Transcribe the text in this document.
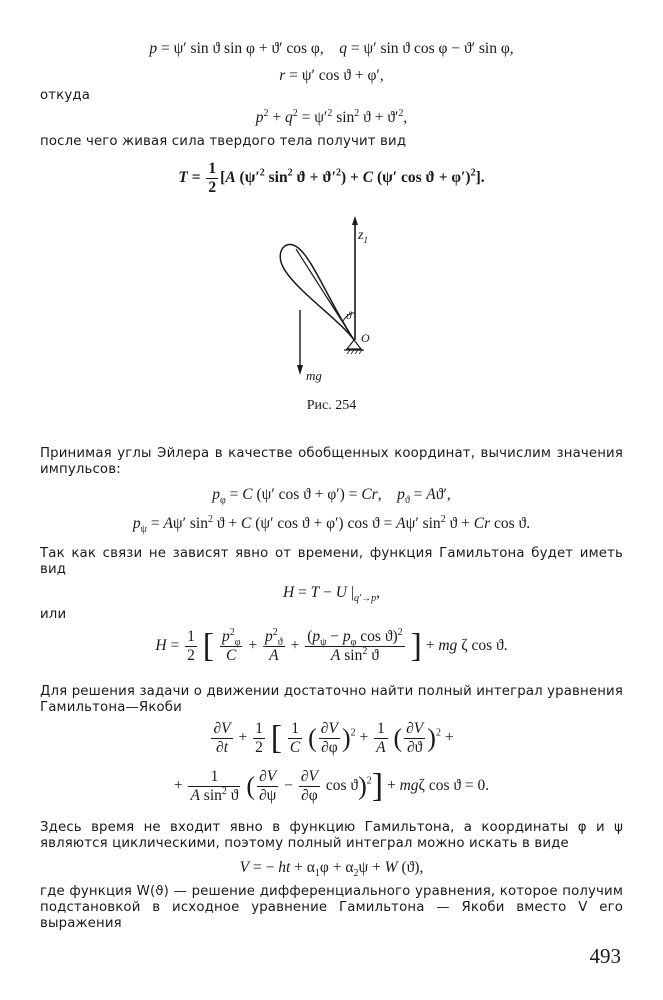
p = ψ′ sin ϑ sin φ + ϑ′ cos φ,    q = ψ′ sin ϑ cos φ − ϑ′ sin φ,
r = ψ′ cos ϑ + φ′,
откуда
$p^2 + q^2 = \psi'^2$ $\sin^2 ϑ + ϑ'^2$,
после чего живая сила твердого тела получит вид
$T = \frac{1}{2} [A$ ($\psi'^2$ $\sin^2 ϑ + ϑ'^2) + C$ (ψ′ cos ϑ + φ′)$^2$].
$z_1$
ϑ
O
mg
Рис. 254
Принимая углы Эйлера в качестве обобщенных координат, вычислим значения импульсов:
$p_\varphi = C$ (ψ′ cos ϑ + φ′) = Cr,    $p_ϑ = Aϑ'$,
$p_\psi = A\psi'$ $\sin^2 ϑ + C$ (ψ′ cos ϑ + φ′) cos ϑ = Aψ′ $\sin^2 ϑ + Cr$ cos ϑ.
Так как связи не зависят явно от времени, функция Гамильтона будет иметь вид
H = T − U $|_{q'\to p}$,
или
$H = \frac{1}{2}$ [ $\frac{p^2_\varphi}{C} + \frac{p^2_ϑ}{A} + \frac{(p_\psi - p_\varphi \cos ϑ)^2}{A \sin^2 ϑ}$ ] + mg ζ cos ϑ.
Для решения задачи о движении достаточно найти полный интеграл уравнения Гамильтона—Якоби
$\frac{\partial V}{\partial t} + \frac{1}{2}$ [ $\frac{1}{C}$ ( $\frac{\partial V}{\partial\varphi} )^2 + \frac{1}{A}$ ( $\frac{\partial V}{\partial ϑ} )^2$ +
+ $\frac{1}{A \sin^2 ϑ}$ ( $\frac{\partial V}{\partial\psi} - \frac{\partial V}{\partial\varphi}$ cos ϑ)$^2$] + mgζ cos ϑ = 0.
Здесь время не входит явно в функцию Гамильтона, а координаты φ и ψ являются циклическими, поэтому полный интеграл можно искать в виде
V = − ht + $\alpha_1\varphi + \alpha_2\psi + W$ (ϑ),
где функция W(ϑ) — решение дифференциального уравнения, которое получим подстановкой в исходное уравнение Гамильтона — Якоби вместо V его выражения
493
